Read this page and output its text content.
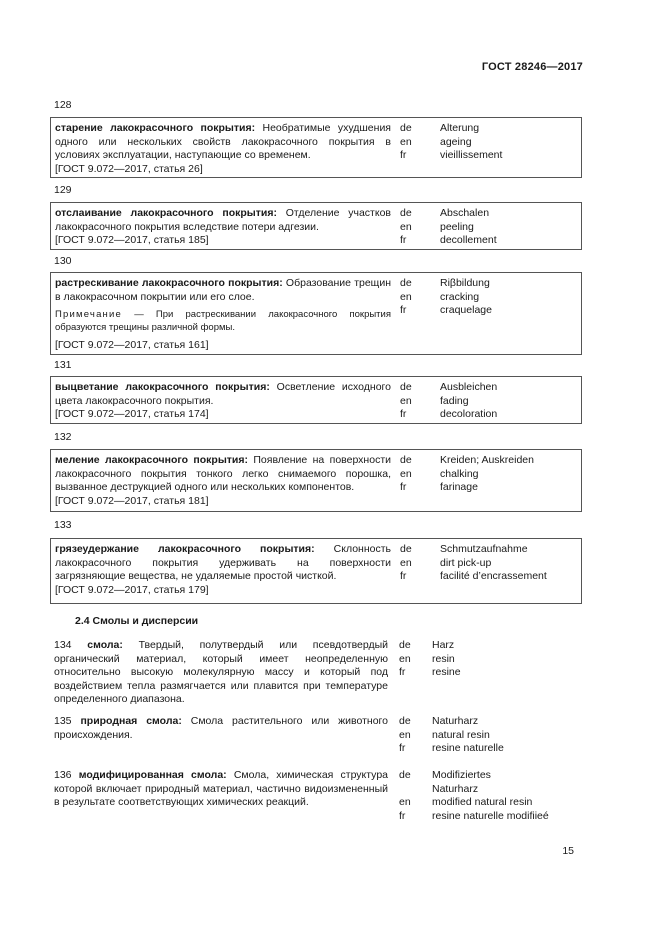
ГОСТ 28246—2017
128

старение лакокрасочного покрытия: Необратимые ухудшения одного или нескольких свойств лакокрасочного покрытия в условиях эксплуатации, наступающие со временем.

[ГОСТ 9.072—2017, статья 26]

de
en
fr
Alterung
ageing
vieillissement
129

отслаивание лакокрасочного покрытия: Отделение участков лакокрасочного покрытия вследствие потери адгезии.

[ГОСТ 9.072—2017, статья 185]

de
en
fr
Abschalen
peeling
decollement
130

растрескивание лакокрасочного покрытия: Образование трещин в лакокрасочном покрытии или его слое.

Примечание — При растрескивании лакокрасочного покрытия образуются трещины различной формы.

[ГОСТ 9.072—2017, статья 161]

de
en
fr
Riβbildung
cracking
craquelage
131

выцветание лакокрасочного покрытия: Осветление исходного цвета лакокрасочного покрытия.

[ГОСТ 9.072—2017, статья 174]

de
en
fr
Ausbleichen
fading
decoloration
132

меление лакокрасочного покрытия: Появление на поверхности лакокрасочного покрытия тонкого легко снимаемого порошка, вызванное деструкцией одного или нескольких компонентов.

[ГОСТ 9.072—2017, статья 181]

de
en
fr
Kreiden; Auskreiden
chalking
farinage
133

грязеудержание лакокрасочного покрытия: Склонность лакокрасочного покрытия удерживать на поверхности загрязняющие вещества, не удаляемые простой чисткой.

[ГОСТ 9.072—2017, статья 179]

de
en
fr
Schmutzaufnahme
dirt pick-up
facilité d’encrassement
2.4 Смолы и дисперсии
134 смола: Твердый, полутвердый или псевдотвердый органический материал, который имеет неопределенную относительно высокую молекулярную массу и который под воздействием тепла размягчается или плавится при температуре определенного диапазона.
de
en
fr
Harz
resin
resine
135 природная смола: Смола растительного или животного происхождения.
de
en
fr
Naturharz
natural resin
resine naturelle
136 модифицированная смола: Смола, химическая структура которой включает природный материал, частично видоизмененный в результате соответствующих химических реакций.
de
en
fr
Modifiziertes
Naturharz
modified natural resin
resine naturelle modifiieé
15
